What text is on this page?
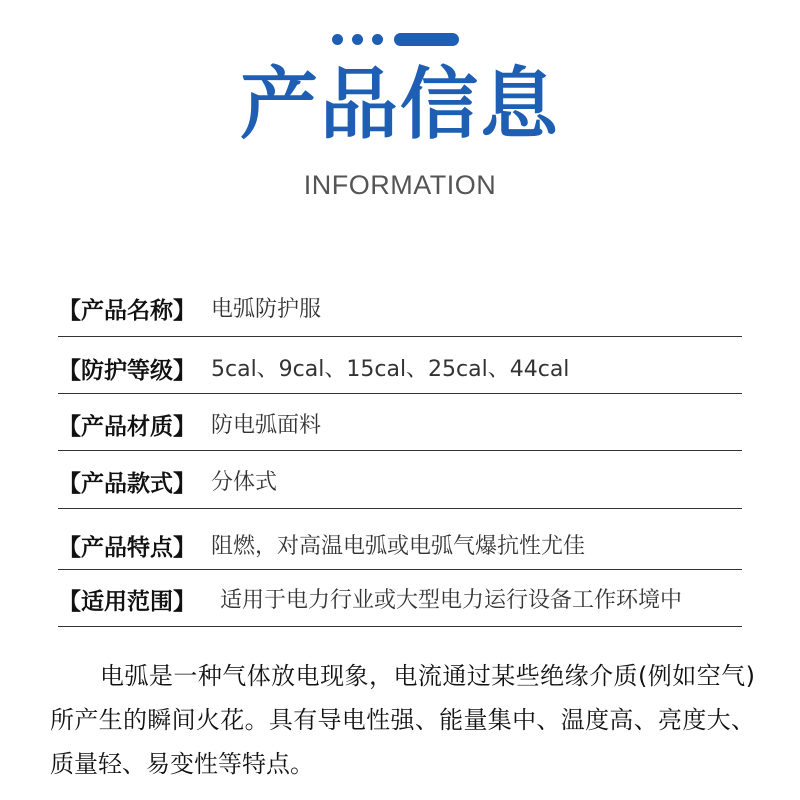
产品信息
INFORMATION
【产品名称】 电弧防护服
【防护等级】 5cal、9cal、15cal、25cal、44cal
【产品材质】 防电弧面料
【产品款式】 分体式
【产品特点】 阻燃，对高温电弧或电弧气爆抗性尤佳
【适用范围】 适用于电力行业或大型电力运行设备工作环境中

电弧是一种气体放电现象，电流通过某些绝缘介质(例如空气)所产生的瞬间火花。具有导电性强、能量集中、温度高、亮度大、质量轻、易变性等特点。
